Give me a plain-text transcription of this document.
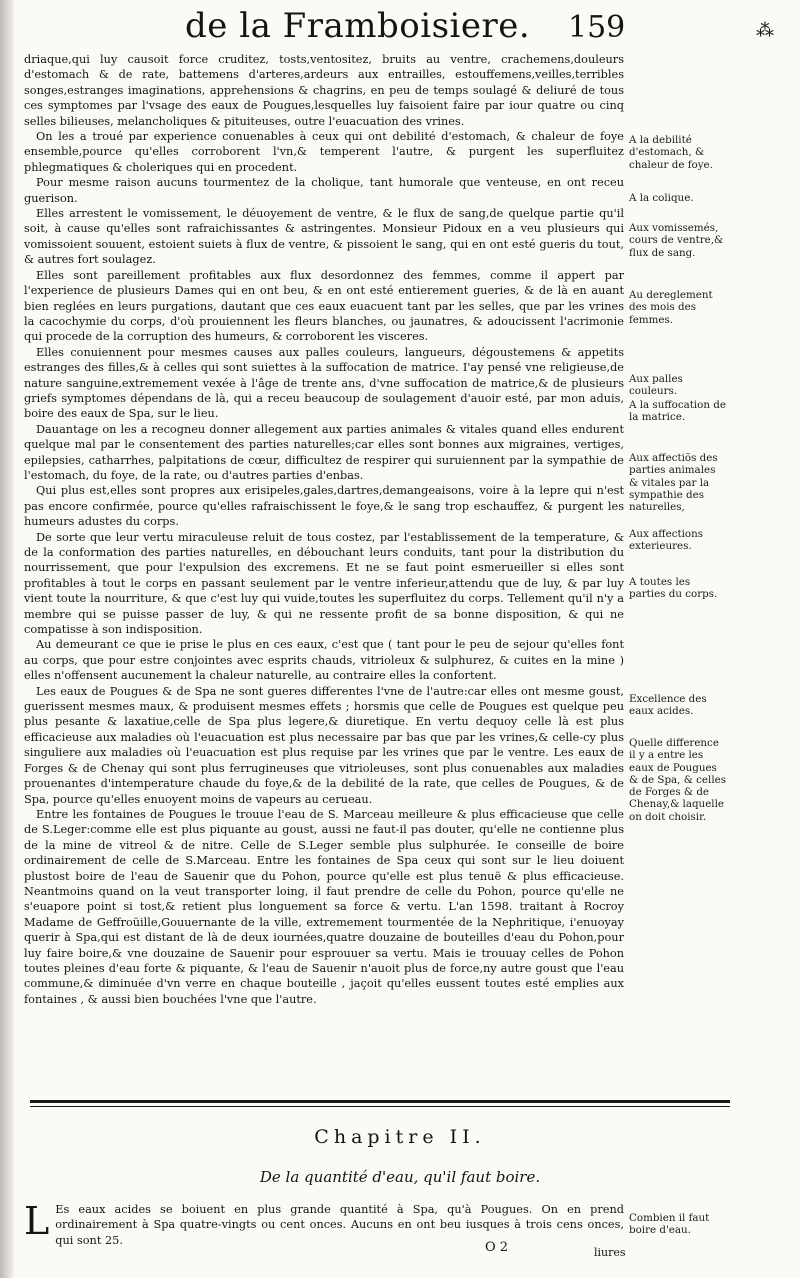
de la Framboisiere. 159	⁂

driaque,qui luy causoit force cruditez, tosts,ventositez, bruits au ventre, crachemens,douleurs d'estomach & de rate, battemens d'arteres,ardeurs aux entrailles, estouffemens,veilles,terribles songes,estranges imaginations, apprehensions & chagrins, en peu de temps soulagé & deliuré de tous ces symptomes par l'vsage des eaux de Pougues,lesquelles luy faisoient faire par iour quatre ou cinq selles bilieuses, melancholiques & pituiteuses, outre l'euacuation des vrines.

On les a troué par experience conuenables à ceux qui ont debilité d'estomach, & chaleur de foye ensemble,pource qu'elles corroborent l'vn,& temperent l'autre, & purgent les superfluitez phlegmatiques & choleriques qui en procedent.

Pour mesme raison aucuns tourmentez de la cholique, tant humorale que venteuse, en ont receu guerison.

Elles arrestent le vomissement, le déuoyement de ventre, & le flux de sang,de quelque partie qu'il soit, à cause qu'elles sont rafraichissantes & astringentes. Monsieur Pidoux en a veu plusieurs qui vomissoient souuent, estoient suiets à flux de ventre, & pissoient le sang, qui en ont esté gueris du tout, & autres fort soulagez.

Elles sont pareillement profitables aux flux desordonnez des femmes, comme il appert par l'experience de plusieurs Dames qui en ont beu, & en ont esté entierement gueries, & de là en auant bien reglées en leurs purgations, dautant que ces eaux euacuent tant par les selles, que par les vrines la cacochymie du corps, d'où prouiennent les fleurs blanches, ou jaunatres, & adoucissent l'acrimonie qui procede de la corruption des humeurs, & corroborent les visceres.

Elles conuiennent pour mesmes causes aux palles couleurs, langueurs, dégoustemens & appetits estranges des filles,& à celles qui sont suiettes à la suffocation de matrice. I'ay pensé vne religieuse,de nature sanguine,extremement vexée à l'âge de trente ans, d'vne suffocation de matrice,& de plusieurs griefs symptomes dépendans de là, qui a receu beaucoup de soulagement d'auoir esté, par mon aduis, boire des eaux de Spa, sur le lieu.

Dauantage on les a recogneu donner allegement aux parties animales & vitales quand elles endurent quelque mal par le consentement des parties naturelles;car elles sont bonnes aux migraines, vertiges, epilepsies, catharrhes, palpitations de cœur, difficultez de respirer qui suruiennent par la sympathie de l'estomach, du foye, de la rate, ou d'autres parties d'enbas.

Qui plus est,elles sont propres aux erisipeles,gales,dartres,demangeaisons, voire à la lepre qui n'est pas encore confirmée, pource qu'elles rafraischissent le foye,& le sang trop eschauffez, & purgent les humeurs adustes du corps.

De sorte que leur vertu miraculeuse reluit de tous costez, par l'establissement de la temperature, & de la conformation des parties naturelles, en débouchant leurs conduits, tant pour la distribution du nourrissement, que pour l'expulsion des excremens. Et ne se faut point esmerueiller si elles sont profitables à tout le corps en passant seulement par le ventre inferieur,attendu que de luy, & par luy vient toute la nourriture, & que c'est luy qui vuide,toutes les superfluitez du corps. Tellement qu'il n'y a membre qui se puisse passer de luy, & qui ne ressente profit de sa bonne disposition, & qui ne compatisse à son indisposition.

Au demeurant ce que ie prise le plus en ces eaux, c'est que ( tant pour le peu de sejour qu'elles font au corps, que pour estre conjointes avec esprits chauds, vitrioleux & sulphurez, & cuites en la mine ) elles n'offensent aucunement la chaleur naturelle, au contraire elles la confortent.

Les eaux de Pougues & de Spa ne sont gueres differentes l'vne de l'autre:car elles ont mesme goust, guerissent mesmes maux, & produisent mesmes effets ; horsmis que celle de Pougues est quelque peu plus pesante & laxatiue,celle de Spa plus legere,& diuretique. En vertu dequoy celle là est plus efficacieuse aux maladies où l'euacuation est plus necessaire par bas que par les vrines,& celle-cy plus singuliere aux maladies où l'euacuation est plus requise par les vrines que par le ventre. Les eaux de Forges & de Chenay qui sont plus ferrugineuses que vitrioleuses, sont plus conuenables aux maladies prouenantes d'intemperature chaude du foye,& de la debilité de la rate, que celles de Pougues, & de Spa, pource qu'elles enuoyent moins de vapeurs au cerueau.

Entre les fontaines de Pougues le trouue l'eau de S. Marceau meilleure & plus efficacieuse que celle de S.Leger:comme elle est plus piquante au goust, aussi ne faut-il pas douter, qu'elle ne contienne plus de la mine de vitreol & de nitre. Celle de S.Leger semble plus sulphurée. Ie conseille de boire ordinairement de celle de S.Marceau. Entre les fontaines de Spa ceux qui sont sur le lieu doiuent plustost boire de l'eau de Sauenir que du Pohon, pource qu'elle est plus tenuë & plus efficacieuse. Neantmoins quand on la veut transporter loing, il faut prendre de celle du Pohon, pource qu'elle ne s'euapore point si tost,& retient plus longuement sa force & vertu. L'an 1598. traitant à Rocroy Madame de Geffroüille,Gouuernante de la ville, extremement tourmentée de la Nephritique, i'enuoyay querir à Spa,qui est distant de là de deux iournées,quatre douzaine de bouteilles d'eau du Pohon,pour luy faire boire,& vne douzaine de Sauenir pour esprouuer sa vertu. Mais ie trouuay celles de Pohon toutes pleines d'eau forte & piquante, & l'eau de Sauenir n'auoit plus de force,ny autre goust que l'eau commune,& diminuée d'vn verre en chaque bouteille , jaçoit qu'elles eussent toutes esté emplies aux fontaines , & aussi bien bouchées l'vne que l'autre.

A la debilité d'estomach, & chaleur de foye.
A la colique.
Aux vomissemés, cours de ventre,& flux de sang.
Au dereglement des mois des femmes.
Aux palles couleurs.
A la suffocation de la matrice.
Aux affectiõs des parties animales & vitales par la sympathie des naturelles,
Aux affections exterieures.
A toutes les parties du corps.
Excellence des eaux acides.
Quelle difference il y a entre les eaux de Pougues & de Spa, & celles de Forges & de Chenay,& laquelle on doit choisir.
Chapitre II.
De la quantité d'eau, qu'il faut boire.
L Es eaux acides se boiuent en plus grande quantité à Spa, qu'à Pougues. On en prend ordinairement à Spa quatre-vingts ou cent onces. Aucuns en ont beu iusques à trois cens onces, qui sont 25.

Combien il faut boire d'eau.
O 2	liures
